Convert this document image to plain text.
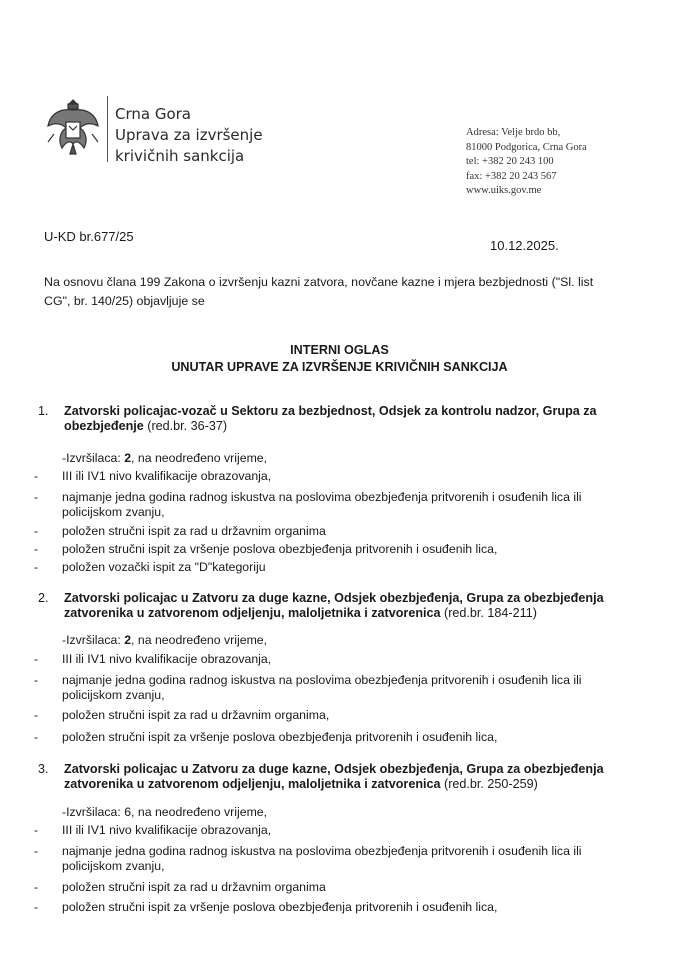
Crna Gora
Uprava za izvršenje
krivičnih sankcija
Adresa: Velje brdo bb,
81000 Podgorica, Crna Gora
tel: +382 20 243 100
fax: +382 20 243 567
www.uiks.gov.me
U-KD br.677/25
10.12.2025.
Na osnovu člana 199 Zakona o izvršenju kazni zatvora, novčane kazne i mjera bezbjednosti ("Sl. list
CG", br. 140/25) objavljuje se
INTERNI OGLAS
UNUTAR UPRAVE ZA IZVRŠENJE KRIVIČNIH SANKCIJA
1. Zatvorski policajac-vozač u Sektoru za bezbjednost, Odsjek za kontrolu nadzor, Grupa za
obezbjeđenje (red.br. 36-37)
-Izvršilaca: 2, na neodređeno vrijeme,
- III ili IV1 nivo kvalifikacije obrazovanja,
- najmanje jedna godina radnog iskustva na poslovima obezbjeđenja pritvorenih i osuđenih lica ili
policijskom zvanju,
- položen stručni ispit za rad u državnim organima
- položen stručni ispit za vršenje poslova obezbjeđenja pritvorenih i osuđenih lica,
- položen vozački ispit za "D"kategoriju
2. Zatvorski policajac u Zatvoru za duge kazne, Odsjek obezbjeđenja, Grupa za obezbjeđenja
zatvorenika u zatvorenom odjeljenju, maloljetnika i zatvorenica (red.br. 184-211)
-Izvršilaca: 2, na neodređeno vrijeme,
- III ili IV1 nivo kvalifikacije obrazovanja,
- najmanje jedna godina radnog iskustva na poslovima obezbjeđenja pritvorenih i osuđenih lica ili
policijskom zvanju,
- položen stručni ispit za rad u državnim organima,
- položen stručni ispit za vršenje poslova obezbjeđenja pritvorenih i osuđenih lica,
3. Zatvorski policajac u Zatvoru za duge kazne, Odsjek obezbjeđenja, Grupa za obezbjeđenja
zatvorenika u zatvorenom odjeljenju, maloljetnika i zatvorenica (red.br. 250-259)
-Izvršilaca: 6, na neodređeno vrijeme,
- III ili IV1 nivo kvalifikacije obrazovanja,
- najmanje jedna godina radnog iskustva na poslovima obezbjeđenja pritvorenih i osuđenih lica ili
policijskom zvanju,
- položen stručni ispit za rad u državnim organima
- položen stručni ispit za vršenje poslova obezbjeđenja pritvorenih i osuđenih lica,
